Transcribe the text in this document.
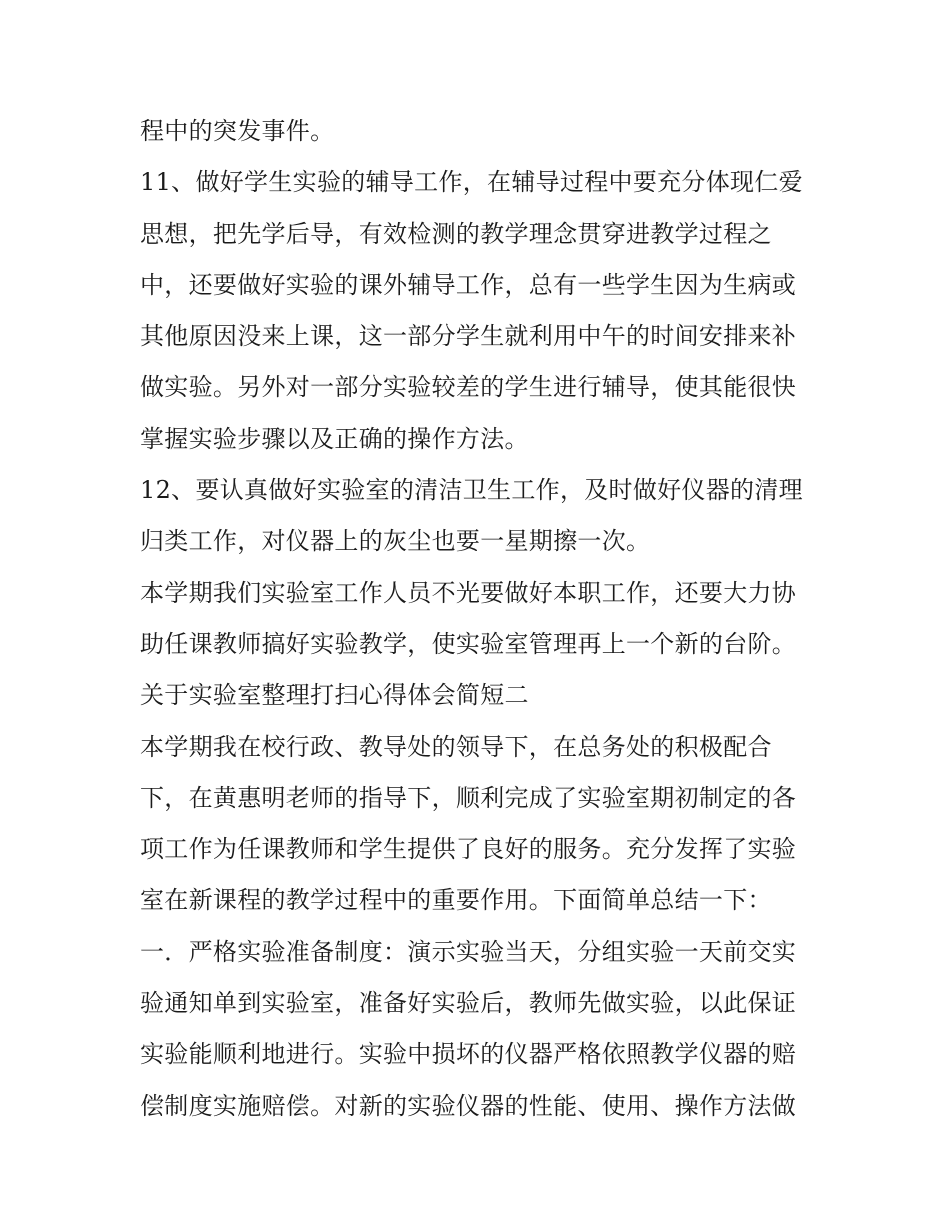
程中的突发事件。
11、做好学生实验的辅导工作，在辅导过程中要充分体现仁爱
思想，把先学后导，有效检测的教学理念贯穿进教学过程之
中，还要做好实验的课外辅导工作，总有一些学生因为生病或
其他原因没来上课，这一部分学生就利用中午的时间安排来补
做实验。另外对一部分实验较差的学生进行辅导，使其能很快
掌握实验步骤以及正确的操作方法。
12、要认真做好实验室的清洁卫生工作，及时做好仪器的清理
归类工作，对仪器上的灰尘也要一星期擦一次。
本学期我们实验室工作人员不光要做好本职工作，还要大力协
助任课教师搞好实验教学，使实验室管理再上一个新的台阶。
关于实验室整理打扫心得体会简短二
本学期我在校行政、教导处的领导下，在总务处的积极配合
下，在黄惠明老师的指导下，顺利完成了实验室期初制定的各
项工作为任课教师和学生提供了良好的服务。充分发挥了实验
室在新课程的教学过程中的重要作用。下面简单总结一下：
一．严格实验准备制度：演示实验当天，分组实验一天前交实
验通知单到实验室，准备好实验后，教师先做实验，以此保证
实验能顺利地进行。实验中损坏的仪器严格依照教学仪器的赔
偿制度实施赔偿。对新的实验仪器的性能、使用、操作方法做
